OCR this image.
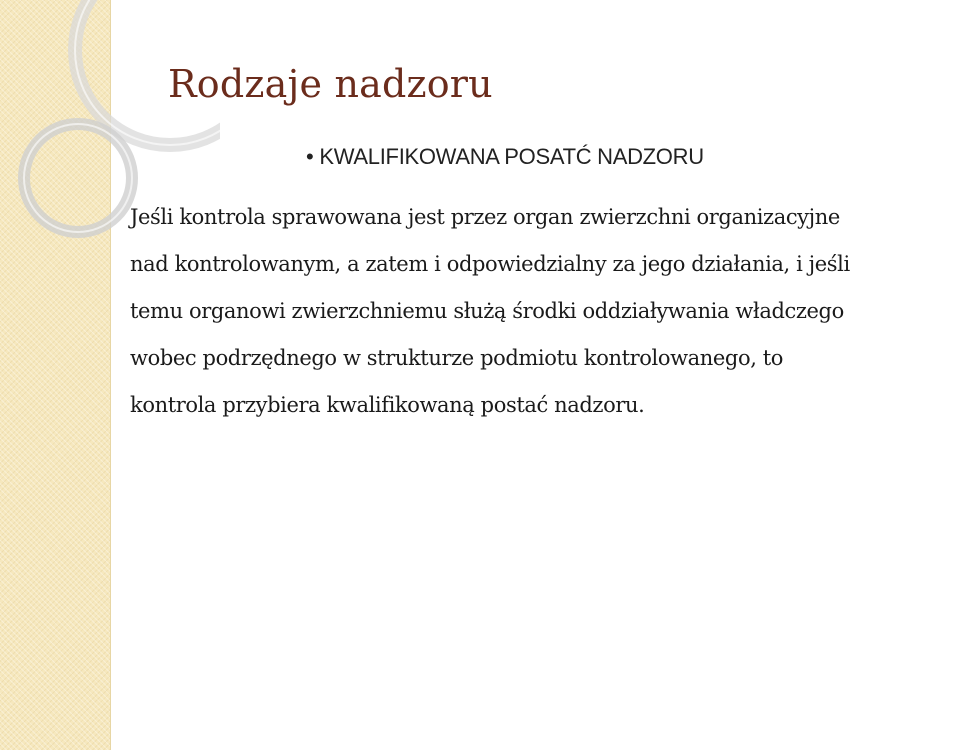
Rodzaje nadzoru
• KWALIFIKOWANA POSATĆ NADZORU

Jeśli kontrola sprawowana jest przez organ zwierzchni organizacyjne
nad kontrolowanym, a zatem i odpowiedzialny za jego działania, i jeśli
temu organowi zwierzchniemu służą środki oddziaływania władczego
wobec podrzędnego w strukturze podmiotu kontrolowanego, to
kontrola przybiera kwalifikowaną postać nadzoru.
